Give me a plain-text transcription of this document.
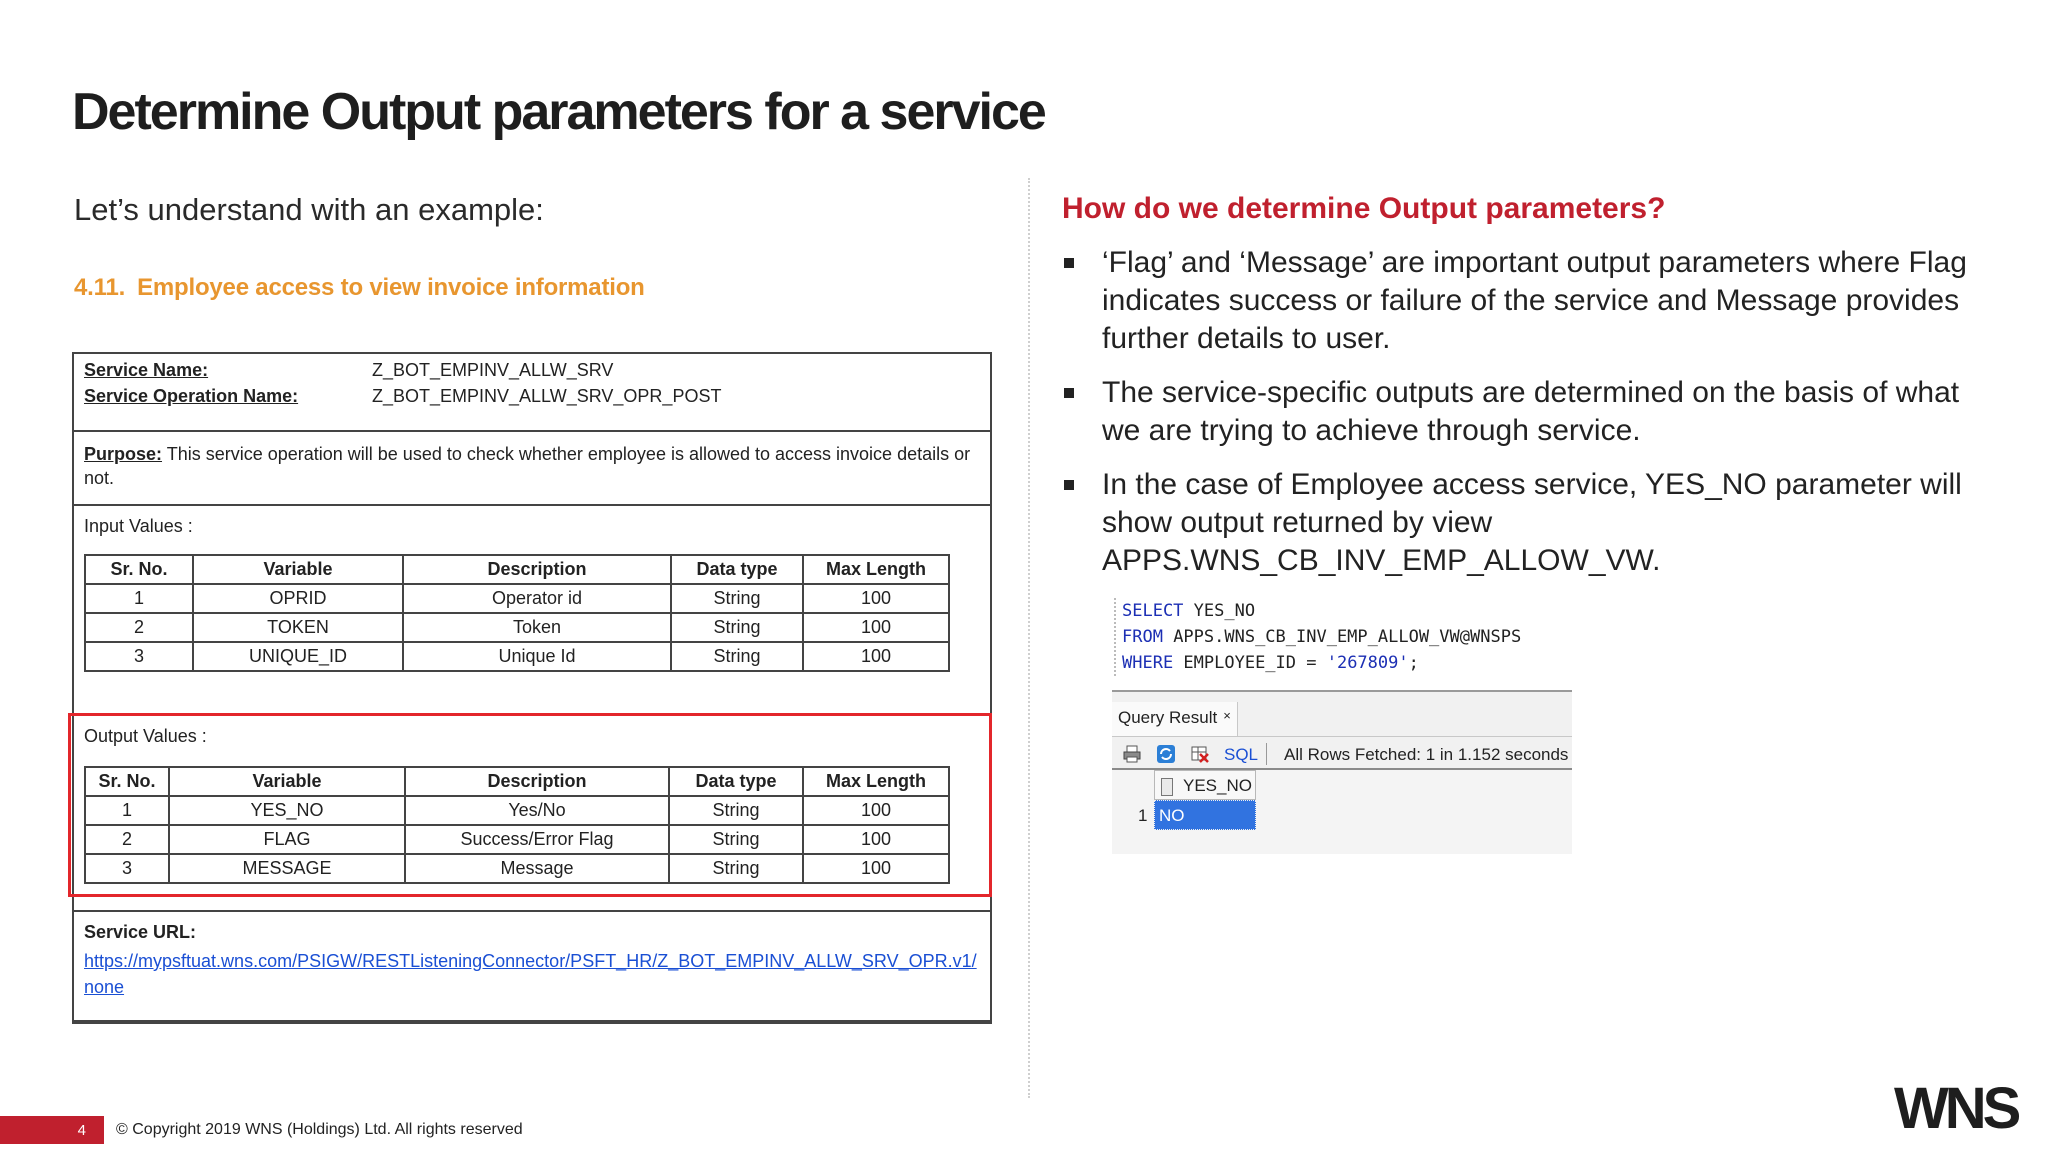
Determine Output parameters for a service
Let’s understand with an example:
4.11. Employee access to view invoice information
Service Name:	Z_BOT_EMPINV_ALLW_SRV
Service Operation Name:	Z_BOT_EMPINV_ALLW_SRV_OPR_POST

Purpose: This service operation will be used to check whether employee is allowed to access invoice details or not.

Input Values :
Sr. No.	Variable	Description	Data type	Max Length
1	OPRID	Operator id	String	100
2	TOKEN	Token	String	100
3	UNIQUE_ID	Unique Id	String	100
Output Values :
Sr. No.	Variable	Description	Data type	Max Length
1	YES_NO	Yes/No	String	100
2	FLAG	Success/Error Flag	String	100
3	MESSAGE	Message	String	100
Service URL:
https://mypsftuat.wns.com/PSIGW/RESTListeningConnector/PSFT_HR/Z_BOT_EMPINV_ALLW_SRV_OPR.v1/none
How do we determine Output parameters?
‘Flag’ and ‘Message’ are important output parameters where Flag indicates success or failure of the service and Message provides further details to user.
The service-specific outputs are determined on the basis of what we are trying to achieve through service.
In the case of Employee access service, YES_NO parameter will show output returned by view APPS.WNS_CB_INV_EMP_ALLOW_VW.
SELECT YES_NO
FROM APPS.WNS_CB_INV_EMP_ALLOW_VW@WNSPS
WHERE EMPLOYEE_ID = '267809';
Query Result ×
SQL All Rows Fetched: 1 in 1.152 seconds
YES_NO
1 NO
4	© Copyright 2019 WNS (Holdings) Ltd. All rights reserved	WNS
